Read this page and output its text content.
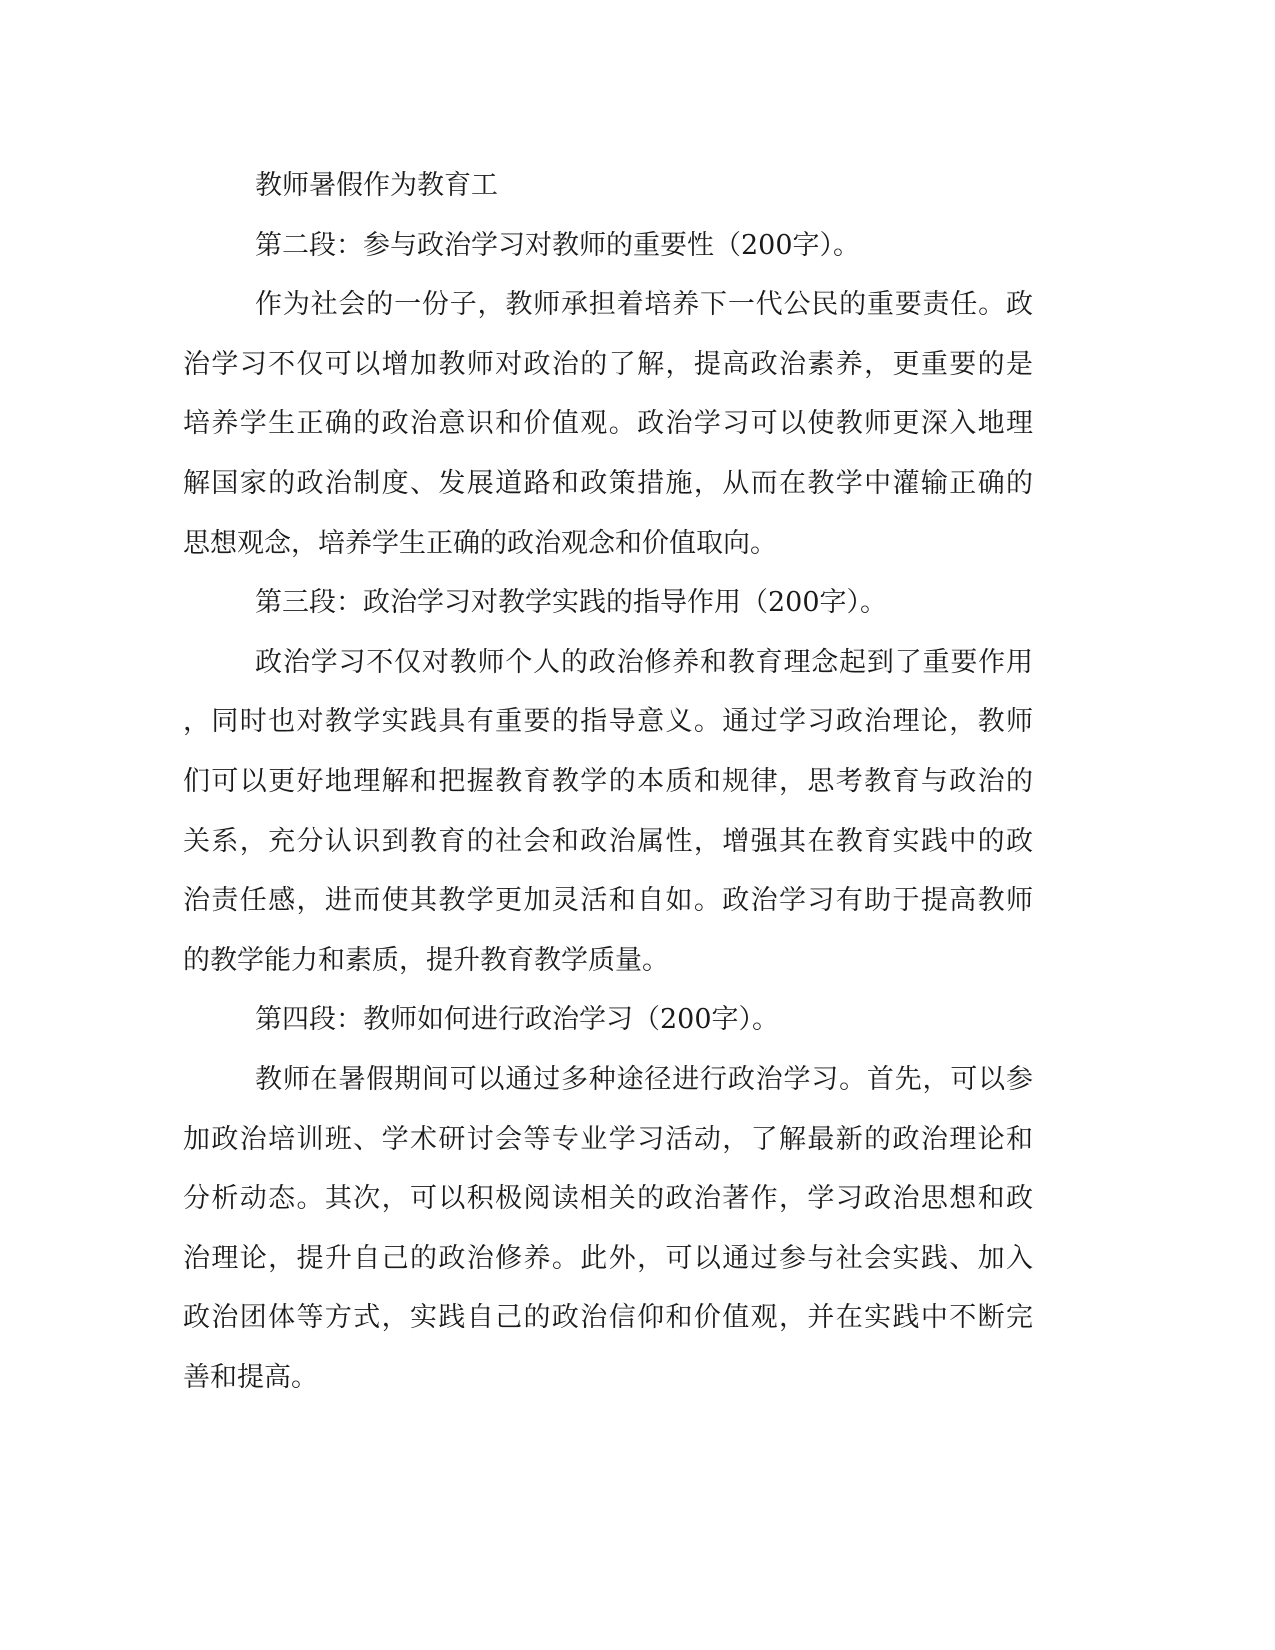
教师暑假作为教育工
第二段：参与政治学习对教师的重要性（200字）。
作为社会的一份子，教师承担着培养下一代公民的重要责任。政
治学习不仅可以增加教师对政治的了解，提高政治素养，更重要的是
培养学生正确的政治意识和价值观。政治学习可以使教师更深入地理
解国家的政治制度、发展道路和政策措施，从而在教学中灌输正确的
思想观念，培养学生正确的政治观念和价值取向。
第三段：政治学习对教学实践的指导作用（200字）。
政治学习不仅对教师个人的政治修养和教育理念起到了重要作用
，同时也对教学实践具有重要的指导意义。通过学习政治理论，教师
们可以更好地理解和把握教育教学的本质和规律，思考教育与政治的
关系，充分认识到教育的社会和政治属性，增强其在教育实践中的政
治责任感，进而使其教学更加灵活和自如。政治学习有助于提高教师
的教学能力和素质，提升教育教学质量。
第四段：教师如何进行政治学习（200字）。
教师在暑假期间可以通过多种途径进行政治学习。首先，可以参
加政治培训班、学术研讨会等专业学习活动，了解最新的政治理论和
分析动态。其次，可以积极阅读相关的政治著作，学习政治思想和政
治理论，提升自己的政治修养。此外，可以通过参与社会实践、加入
政治团体等方式，实践自己的政治信仰和价值观，并在实践中不断完
善和提高。
